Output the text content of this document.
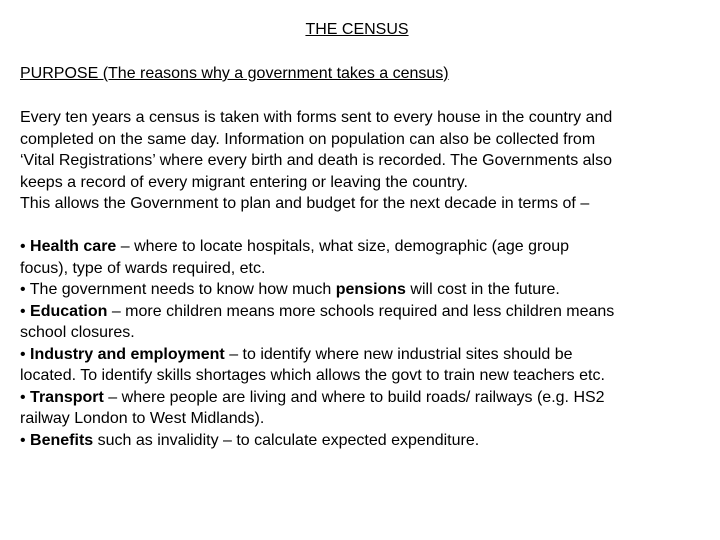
THE CENSUS

PURPOSE (The reasons why a government takes a census)

Every ten years a census is taken with forms sent to every house in the country and
completed on the same day. Information on population can also be collected from
‘Vital Registrations’ where every birth and death is recorded. The Governments also
keeps a record of every migrant entering or leaving the country.
This allows the Government to plan and budget for the next decade in terms of –
• Health care – where to locate hospitals, what size, demographic (age group
focus), type of wards required, etc.
• The government needs to know how much pensions will cost in the future.
• Education – more children means more schools required and less children means
school closures.
• Industry and employment – to identify where new industrial sites should be
located. To identify skills shortages which allows the govt to train new teachers etc.
• Transport – where people are living and where to build roads/ railways (e.g. HS2
railway London to West Midlands).
• Benefits such as invalidity – to calculate expected expenditure.
